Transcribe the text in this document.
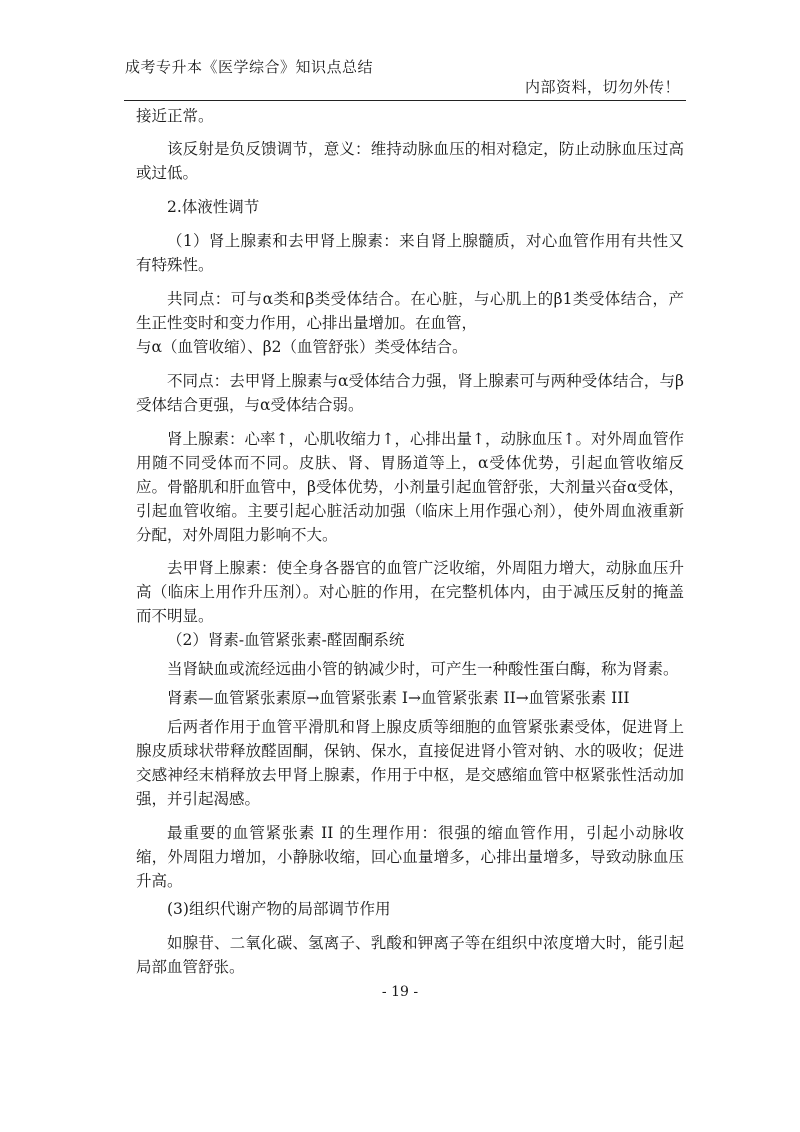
成考专升本《医学综合》知识点总结
内部资料，切勿外传！

接近正常。

该反射是负反馈调节，意义：维持动脉血压的相对稳定，防止动脉血压过高或过低。

2.体液性调节

（1）肾上腺素和去甲肾上腺素：来自肾上腺髓质，对心血管作用有共性又有特殊性。

共同点：可与α类和β类受体结合。在心脏，与心肌上的β1类受体结合，产生正性变时和变力作用，心排出量增加。在血管，

与α（血管收缩）、β2（血管舒张）类受体结合。

不同点：去甲肾上腺素与α受体结合力强，肾上腺素可与两种受体结合，与β受体结合更强，与α受体结合弱。

肾上腺素：心率↑，心肌收缩力↑，心排出量↑，动脉血压↑。对外周血管作用随不同受体而不同。皮肤、肾、胃肠道等上，α受体优势，引起血管收缩反应。骨骼肌和肝血管中，β受体优势，小剂量引起血管舒张，大剂量兴奋α受体，引起血管收缩。主要引起心脏活动加强（临床上用作强心剂），使外周血液重新分配，对外周阻力影响不大。

去甲肾上腺素：使全身各器官的血管广泛收缩，外周阻力增大，动脉血压升高（临床上用作升压剂）。对心脏的作用，在完整机体内，由于减压反射的掩盖而不明显。

（2）肾素-血管紧张素-醛固酮系统

当肾缺血或流经远曲小管的钠减少时，可产生一种酸性蛋白酶，称为肾素。

肾素—血管紧张素原→血管紧张素 I→血管紧张素 II→血管紧张素 III

后两者作用于血管平滑肌和肾上腺皮质等细胞的血管紧张素受体，促进肾上腺皮质球状带释放醛固酮，保钠、保水，直接促进肾小管对钠、水的吸收；促进交感神经末梢释放去甲肾上腺素，作用于中枢，是交感缩血管中枢紧张性活动加强，并引起渴感。

最重要的血管紧张素 II 的生理作用：很强的缩血管作用，引起小动脉收缩，外周阻力增加，小静脉收缩，回心血量增多，心排出量增多，导致动脉血压升高。

(3)组织代谢产物的局部调节作用

如腺苷、二氧化碳、氢离子、乳酸和钾离子等在组织中浓度增大时，能引起局部血管舒张。

- 19 -
